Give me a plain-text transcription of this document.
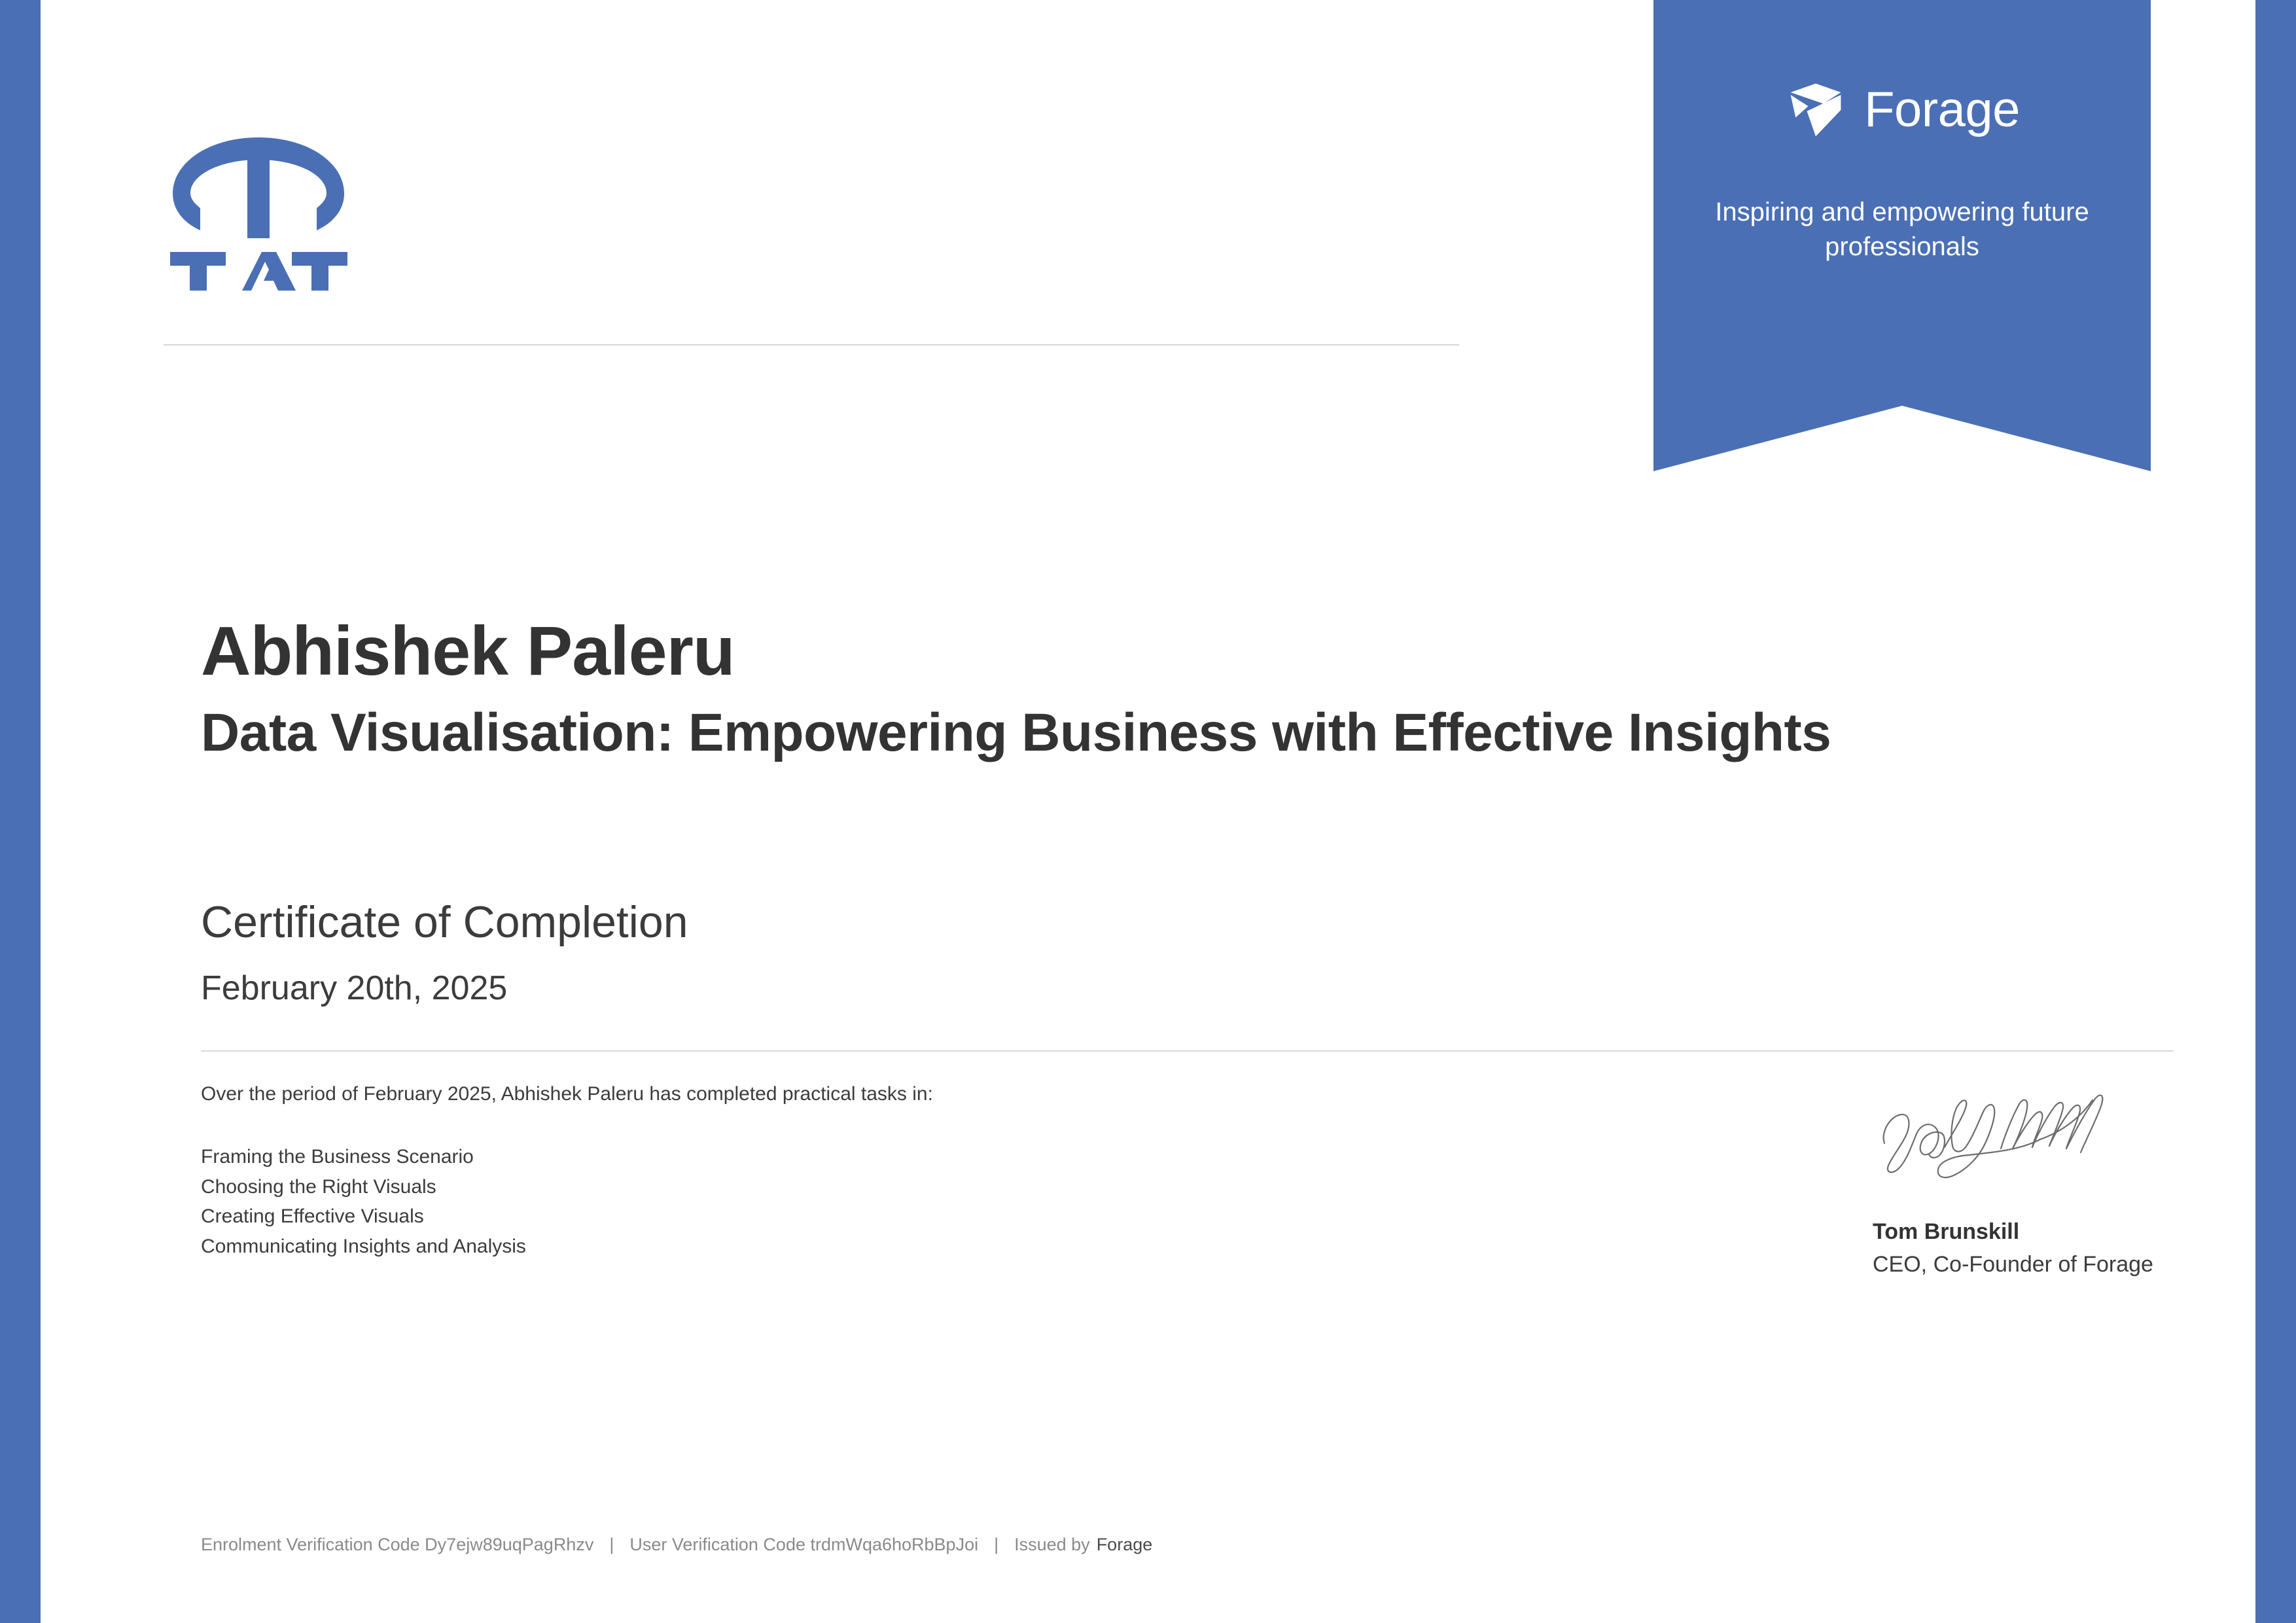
Forage
Inspiring and empowering future professionals
Abhishek Paleru
Data Visualisation: Empowering Business with Effective Insights
Certificate of Completion
February 20th, 2025
Over the period of February 2025, Abhishek Paleru has completed practical tasks in:
Framing the Business Scenario
Choosing the Right Visuals
Creating Effective Visuals
Communicating Insights and Analysis
Tom Brunskill
CEO, Co-Founder of Forage
Enrolment Verification Code Dy7ejw89uqPagRhzv | User Verification Code trdmWqa6hoRbBpJoi | Issued by Forage
